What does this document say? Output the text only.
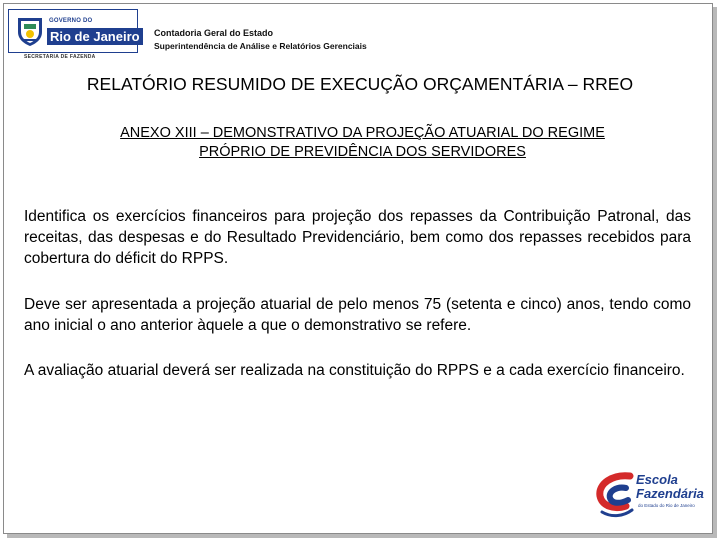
GOVERNO DO
Rio de Janeiro
SECRETARIA DE FAZENDA
Contadoria Geral do Estado
Superintendência de Análise e Relatórios Gerenciais
RELATÓRIO RESUMIDO DE EXECUÇÃO ORÇAMENTÁRIA – RREO
ANEXO XIII – DEMONSTRATIVO DA PROJEÇÃO ATUARIAL DO REGIME
PRÓPRIO DE PREVIDÊNCIA DOS SERVIDORES
Identifica os exercícios financeiros para projeção dos repasses da Contribuição Patronal, das receitas, das despesas e do Resultado Previdenciário, bem como dos repasses recebidos para cobertura do déficit do RPPS.
Deve ser apresentada a projeção atuarial de pelo menos 75 (setenta e cinco) anos, tendo como ano inicial o ano anterior àquele a que o demonstrativo se refere.
A avaliação atuarial deverá ser realizada na constituição do RPPS e a cada exercício financeiro.
Escola
Fazendária
do Estado do Rio de Janeiro
